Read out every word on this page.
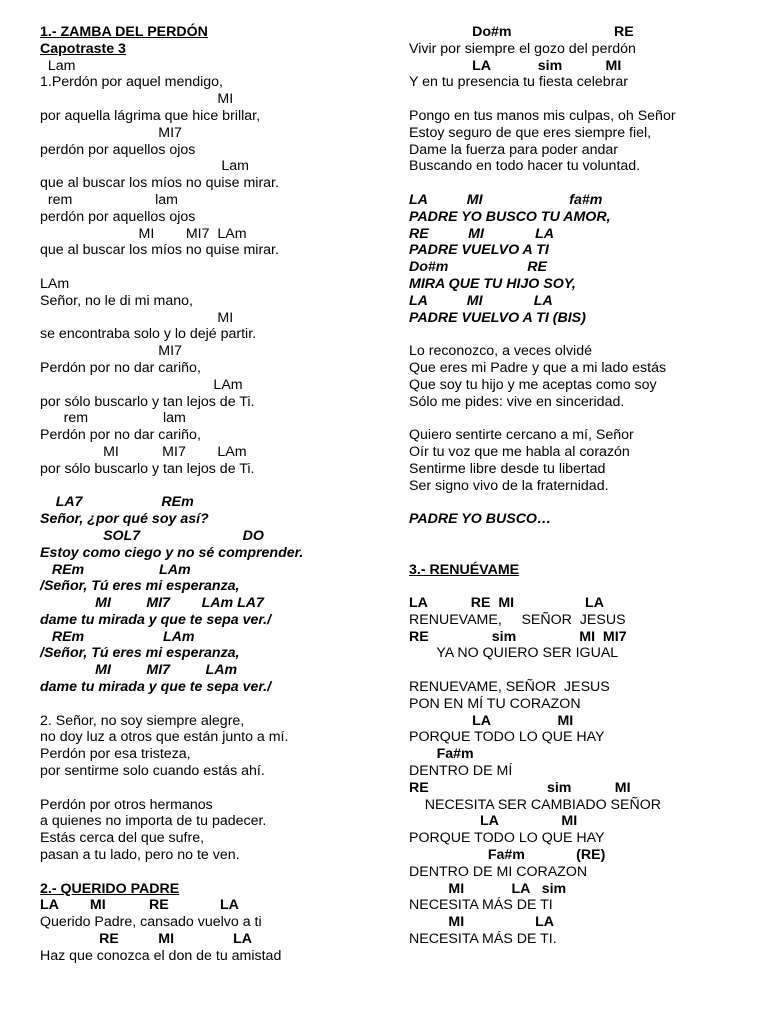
1.- ZAMBA DEL PERDÓN
Capotraste 3
Lam
1.Perdón por aquel mendigo,
MI
por aquella lágrima que hice brillar,
MI7
perdón por aquellos ojos
Lam
que al buscar los míos no quise mirar.
rem                     lam
perdón por aquellos ojos
MI        MI7  LAm
que al buscar los míos no quise mirar.
LAm
Señor, no le di mi mano,
MI
se encontraba solo y lo dejé partir.
MI7
Perdón por no dar cariño,
LAm
por sólo buscarlo y tan lejos de Ti.
rem                   lam
Perdón por no dar cariño,
MI           MI7        LAm
por sólo buscarlo y tan lejos de Ti.
LA7                    REm
Señor, ¿por qué soy así?
SOL7                          DO
Estoy como ciego y no sé comprender.
REm                   LAm
/Señor, Tú eres mi esperanza,
MI         MI7        LAm LA7
dame tu mirada y que te sepa ver./
REm                    LAm
/Señor, Tú eres mi esperanza,
MI         MI7         LAm
dame tu mirada y que te sepa ver./
2. Señor, no soy siempre alegre,
no doy luz a otros que están junto a mí.
Perdón por esa tristeza,
por sentirme solo cuando estás ahí.
Perdón por otros hermanos
a quienes no importa de tu padecer.
Estás cerca del que sufre,
pasan a tu lado, pero no te ven.
2.- QUERIDO PADRE
LA        MI           RE             LA
Querido Padre, cansado vuelvo a ti
RE          MI               LA
Haz que conozca el don de tu amistad
Do#m                          RE
Vivir por siempre el gozo del perdón
LA            sim           MI
Y en tu presencia tu fiesta celebrar
Pongo en tus manos mis culpas, oh Señor
Estoy seguro de que eres siempre fiel,
Dame la fuerza para poder andar
Buscando en todo hacer tu voluntad.
LA          MI                      fa#m
PADRE YO BUSCO TU AMOR,
RE          MI             LA
PADRE VUELVO A TI
Do#m                    RE
MIRA QUE TU HIJO SOY,
LA          MI             LA
PADRE VUELVO A TI (BIS)
Lo reconozco, a veces olvidé
Que eres mi Padre y que a mi lado estás
Que soy tu hijo y me aceptas como soy
Sólo me pides: vive en sinceridad.
Quiero sentirte cercano a mí, Señor
Oír tu voz que me habla al corazón
Sentirme libre desde tu libertad
Ser signo vivo de la fraternidad.
PADRE YO BUSCO…
3.- RENUÉVAME
LA           RE  MI                  LA
RENUEVAME,     SEÑOR  JESUS
RE                sim                MI  MI7
YA NO QUIERO SER IGUAL
RENUEVAME, SEÑOR  JESUS
PON EN MÍ TU CORAZON
LA                 MI
PORQUE TODO LO QUE HAY
Fa#m
DENTRO DE MÍ
RE                              sim           MI
NECESITA SER CAMBIADO SEÑOR
LA                MI
PORQUE TODO LO QUE HAY
Fa#m             (RE)
DENTRO DE MI CORAZON
MI            LA   sim
NECESITA MÁS DE TI
MI                  LA
NECESITA MÁS DE TI.
